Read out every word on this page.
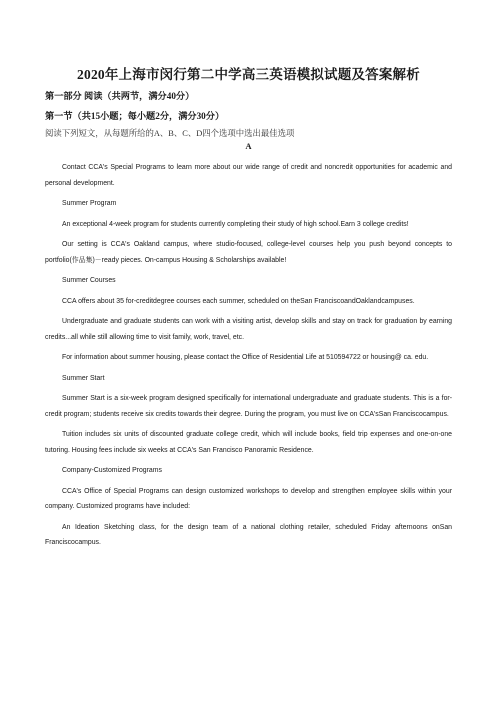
2020年上海市闵行第二中学高三英语模拟试题及答案解析
第一部分 阅读（共两节，满分40分）
第一节（共15小题；每小题2分，满分30分）
阅读下列短文，从每题所给的A、B、C、D四个选项中选出最佳选项
A

Contact CCA's Special Programs to learn more about our wide range of credit and noncredit opportunities for academic and personal development.

Summer Program

An exceptional 4-week program for students currently completing their study of high school.Earn 3 college credits!

Our setting is CCA's Oakland campus, where studio-focused, college-level courses help you push beyond concepts to portfolio(作品集)－ready pieces. On-campus Housing & Scholarships available!

Summer Courses

CCA offers about 35 for-creditdegree courses each summer, scheduled on theSan FranciscoandOaklandcampuses.

Undergraduate and graduate students can work with a visiting artist, develop skills and stay on track for graduation by earning credits...all while still allowing time to visit family, work, travel, etc.

For information about summer housing, please contact the Office of Residential Life at 510594722 or housing@ ca. edu.

Summer Start

Summer Start is a six-week program designed specifically for international undergraduate and graduate students. This is a for-credit program; students receive six credits towards their degree. During the program, you must live on CCA'sSan Franciscocampus.

Tuition includes six units of discounted graduate college credit, which will include books, field trip expenses and one-on-one tutoring. Housing fees include six weeks at CCA's San Francisco Panoramic Residence.

Company-Customized Programs

CCA's Office of Special Programs can design customized workshops to develop and strengthen employee skills within your company. Customized programs have included:

An Ideation Sketching class, for the design team of a national clothing retailer, scheduled Friday afternoons onSan Franciscocampus.
